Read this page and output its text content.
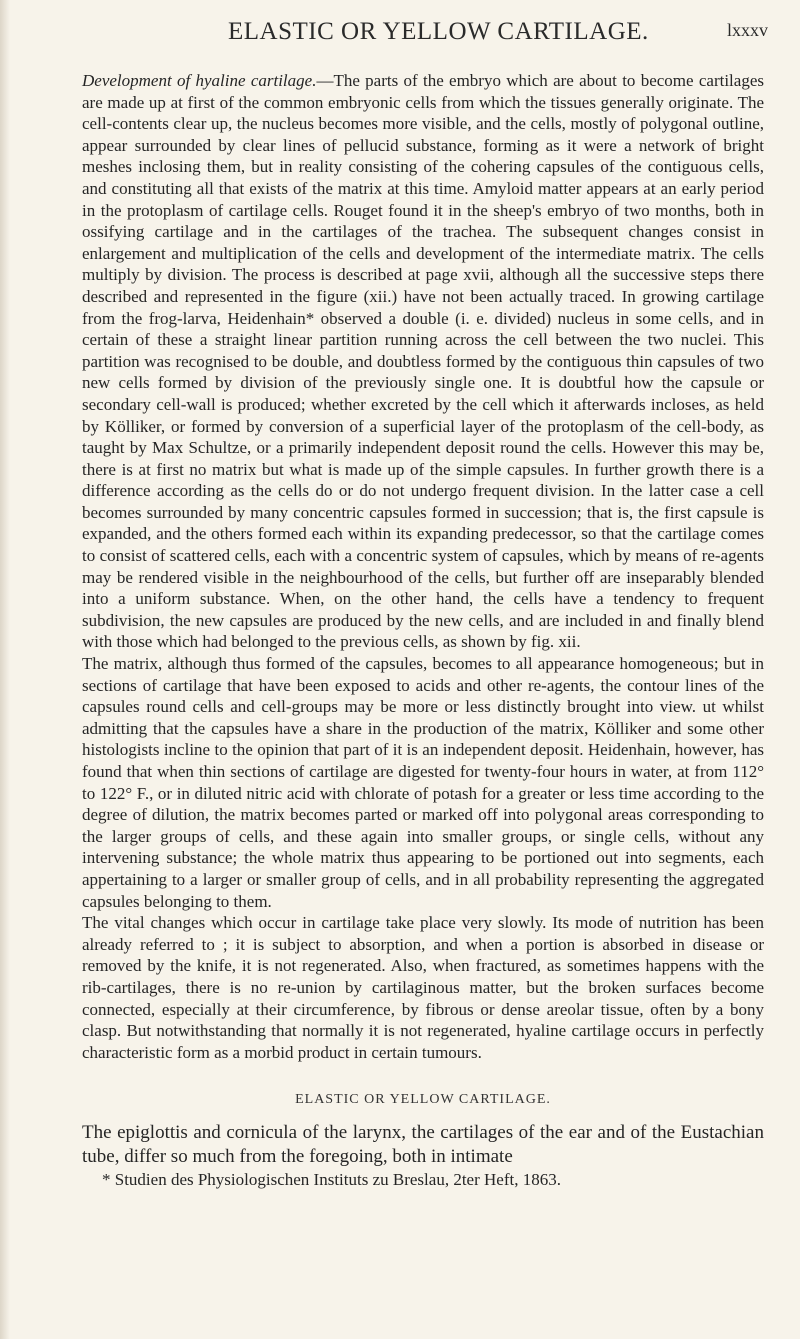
ELASTIC OR YELLOW CARTILAGE.	lxxxv

Development of hyaline cartilage.—The parts of the embryo which are about to become cartilages are made up at first of the common embryonic cells from which the tissues generally originate. The cell-contents clear up, the nucleus becomes more visible, and the cells, mostly of polygonal outline, appear surrounded by clear lines of pellucid substance, forming as it were a network of bright meshes inclosing them, but in reality consisting of the cohering capsules of the contiguous cells, and constituting all that exists of the matrix at this time. Amyloid matter appears at an early period in the protoplasm of cartilage cells. Rouget found it in the sheep's embryo of two months, both in ossifying cartilage and in the cartilages of the trachea. The subsequent changes consist in enlargement and multiplication of the cells and development of the intermediate matrix. The cells multiply by division. The process is described at page xvii, although all the successive steps there described and represented in the figure (xii.) have not been actually traced. In growing cartilage from the frog-larva, Heidenhain* observed a double (i. e. divided) nucleus in some cells, and in certain of these a straight linear partition running across the cell between the two nuclei. This partition was recognised to be double, and doubtless formed by the contiguous thin capsules of two new cells formed by division of the previously single one. It is doubtful how the capsule or secondary cell-wall is produced; whether excreted by the cell which it afterwards incloses, as held by Kölliker, or formed by conversion of a superficial layer of the protoplasm of the cell-body, as taught by Max Schultze, or a primarily independent deposit round the cells. However this may be, there is at first no matrix but what is made up of the simple capsules. In further growth there is a difference according as the cells do or do not undergo frequent division. In the latter case a cell becomes surrounded by many concentric capsules formed in succession; that is, the first capsule is expanded, and the others formed each within its expanding predecessor, so that the cartilage comes to consist of scattered cells, each with a concentric system of capsules, which by means of re-agents may be rendered visible in the neighbourhood of the cells, but further off are inseparably blended into a uniform substance. When, on the other hand, the cells have a tendency to frequent subdivision, the new capsules are produced by the new cells, and are included in and finally blend with those which had belonged to the previous cells, as shown by fig. xii.

The matrix, although thus formed of the capsules, becomes to all appearance homogeneous; but in sections of cartilage that have been exposed to acids and other re-agents, the contour lines of the capsules round cells and cell-groups may be more or less distinctly brought into view. ut whilst admitting that the capsules have a share in the production of the matrix, Kölliker and some other histologists incline to the opinion that part of it is an independent deposit. Heidenhain, however, has found that when thin sections of cartilage are digested for twenty-four hours in water, at from 112° to 122° F., or in diluted nitric acid with chlorate of potash for a greater or less time according to the degree of dilution, the matrix becomes parted or marked off into polygonal areas corresponding to the larger groups of cells, and these again into smaller groups, or single cells, without any intervening substance; the whole matrix thus appearing to be portioned out into segments, each appertaining to a larger or smaller group of cells, and in all probability representing the aggregated capsules belonging to them.

The vital changes which occur in cartilage take place very slowly. Its mode of nutrition has been already referred to ; it is subject to absorption, and when a portion is absorbed in disease or removed by the knife, it is not regenerated. Also, when fractured, as sometimes happens with the rib-cartilages, there is no re-union by cartilaginous matter, but the broken surfaces become connected, especially at their circumference, by fibrous or dense areolar tissue, often by a bony clasp. But notwithstanding that normally it is not regenerated, hyaline cartilage occurs in perfectly characteristic form as a morbid product in certain tumours.

ELASTIC OR YELLOW CARTILAGE.

The epiglottis and cornicula of the larynx, the cartilages of the ear and of the Eustachian tube, differ so much from the foregoing, both in intimate

* Studien des Physiologischen Instituts zu Breslau, 2ter Heft, 1863.
